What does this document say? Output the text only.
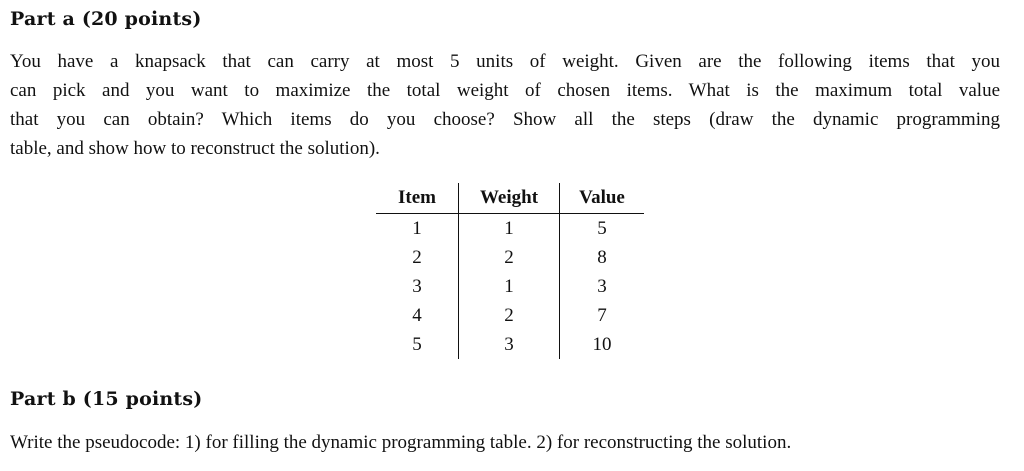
Part a (20 points)
You have a knapsack that can carry at most 5 units of weight. Given are the following items that you
can pick and you want to maximize the total weight of chosen items. What is the maximum total value
that you can obtain? Which items do you choose? Show all the steps (draw the dynamic programming
table, and show how to reconstruct the solution).
Item	Weight	Value
1	1	5
2	2	8
3	1	3
4	2	7
5	3	10
Part b (15 points)
Write the pseudocode: 1) for filling the dynamic programming table. 2) for reconstructing the solution.
